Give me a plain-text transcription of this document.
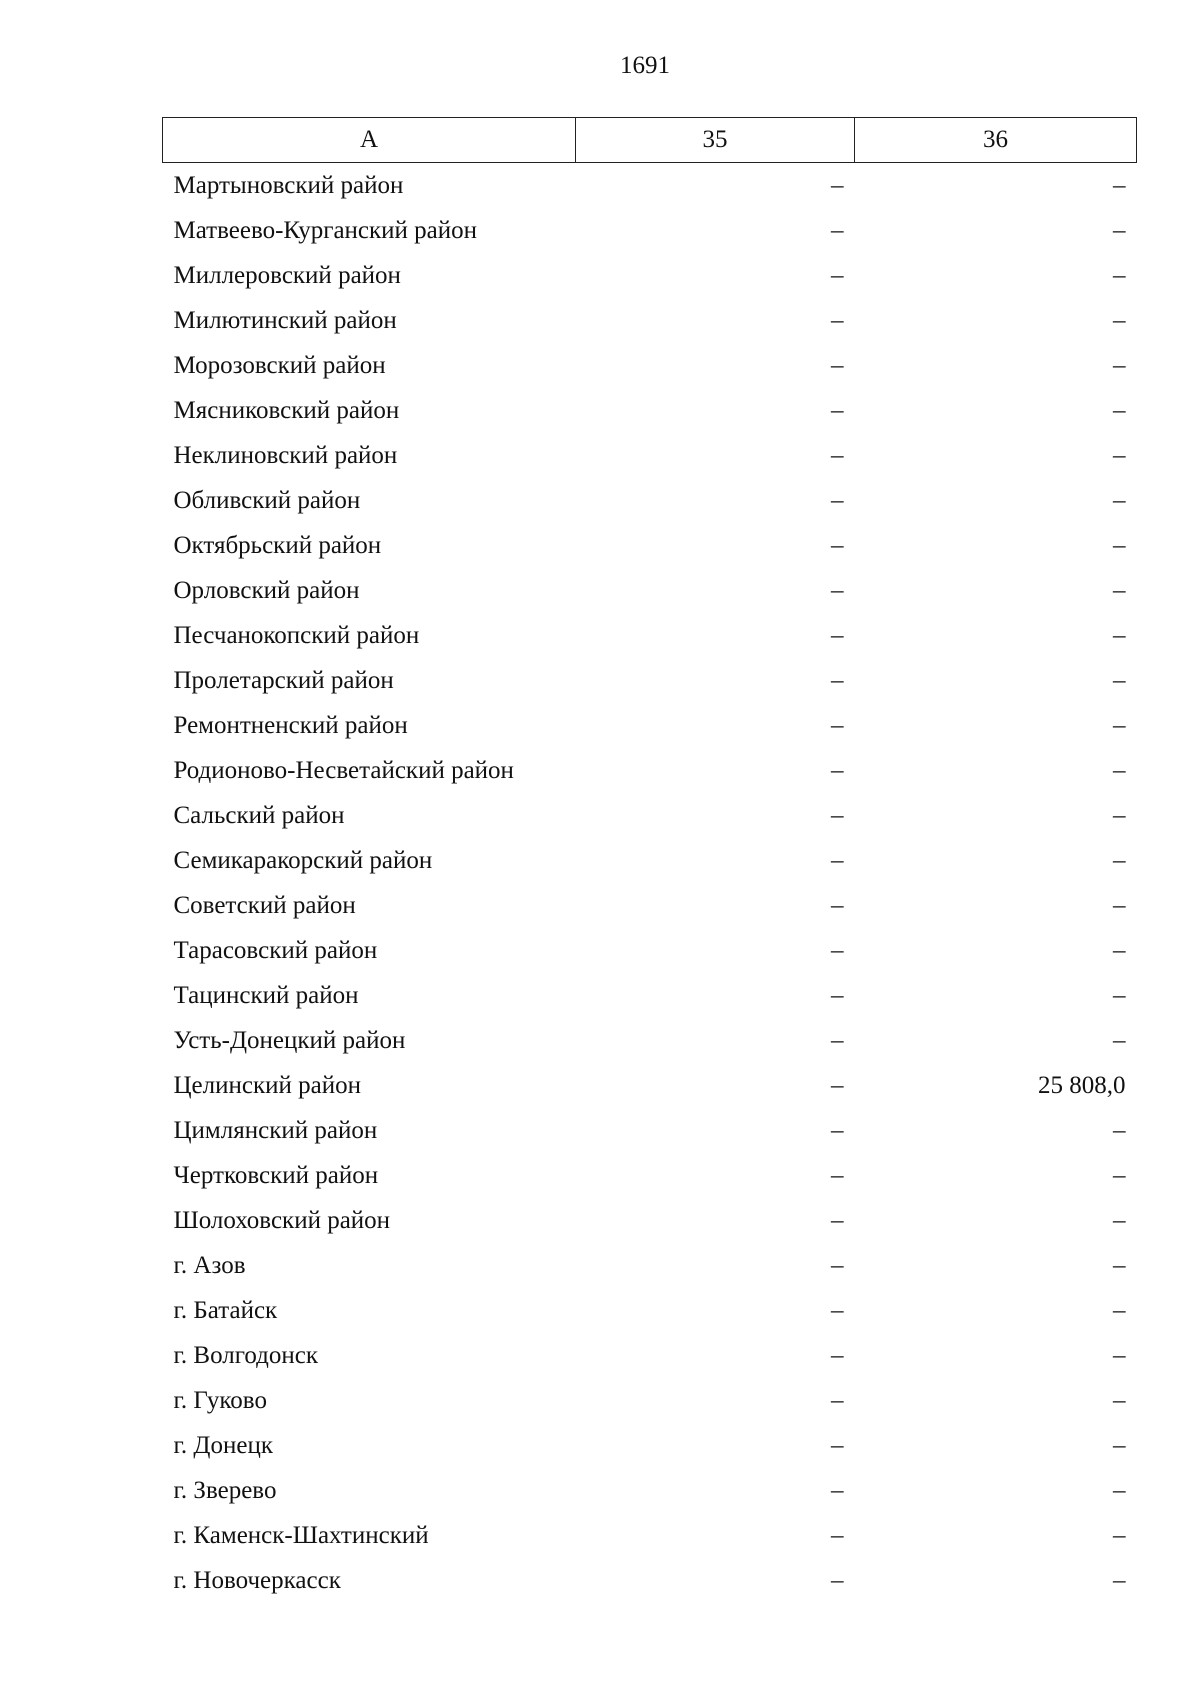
1691
А	35	36
Мартыновский район	–	–
Матвеево-Курганский район	–	–
Миллеровский район	–	–
Милютинский район	–	–
Морозовский район	–	–
Мясниковский район	–	–
Неклиновский район	–	–
Обливский район	–	–
Октябрьский район	–	–
Орловский район	–	–
Песчанокопский район	–	–
Пролетарский район	–	–
Ремонтненский район	–	–
Родионово-Несветайский район	–	–
Сальский район	–	–
Семикаракорский район	–	–
Советский район	–	–
Тарасовский район	–	–
Тацинский район	–	–
Усть-Донецкий район	–	–
Целинский район	–	25 808,0
Цимлянский район	–	–
Чертковский район	–	–
Шолоховский район	–	–
г. Азов	–	–
г. Батайск	–	–
г. Волгодонск	–	–
г. Гуково	–	–
г. Донецк	–	–
г. Зверево	–	–
г. Каменск-Шахтинский	–	–
г. Новочеркасск	–	–
